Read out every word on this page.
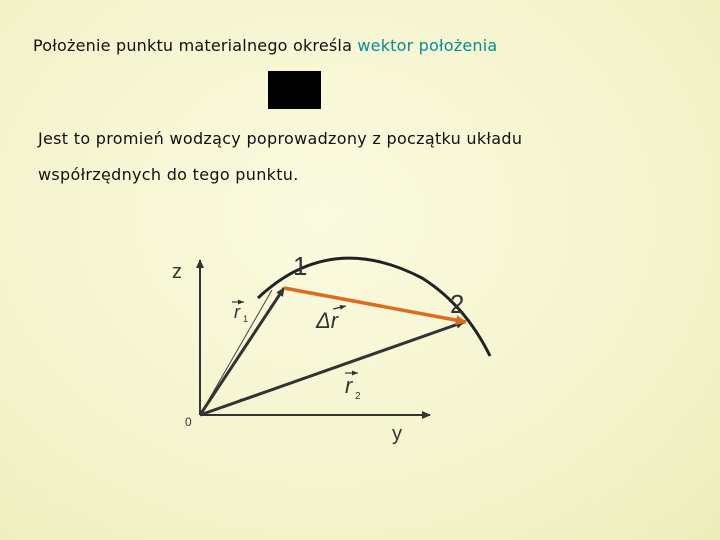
Położenie punktu materialnego określa wektor położenia
Jest to promień wodzący poprowadzony z początku układu
współrzędnych do tego punktu.
z
y
0
1
2
r 1	Δr
r 2
